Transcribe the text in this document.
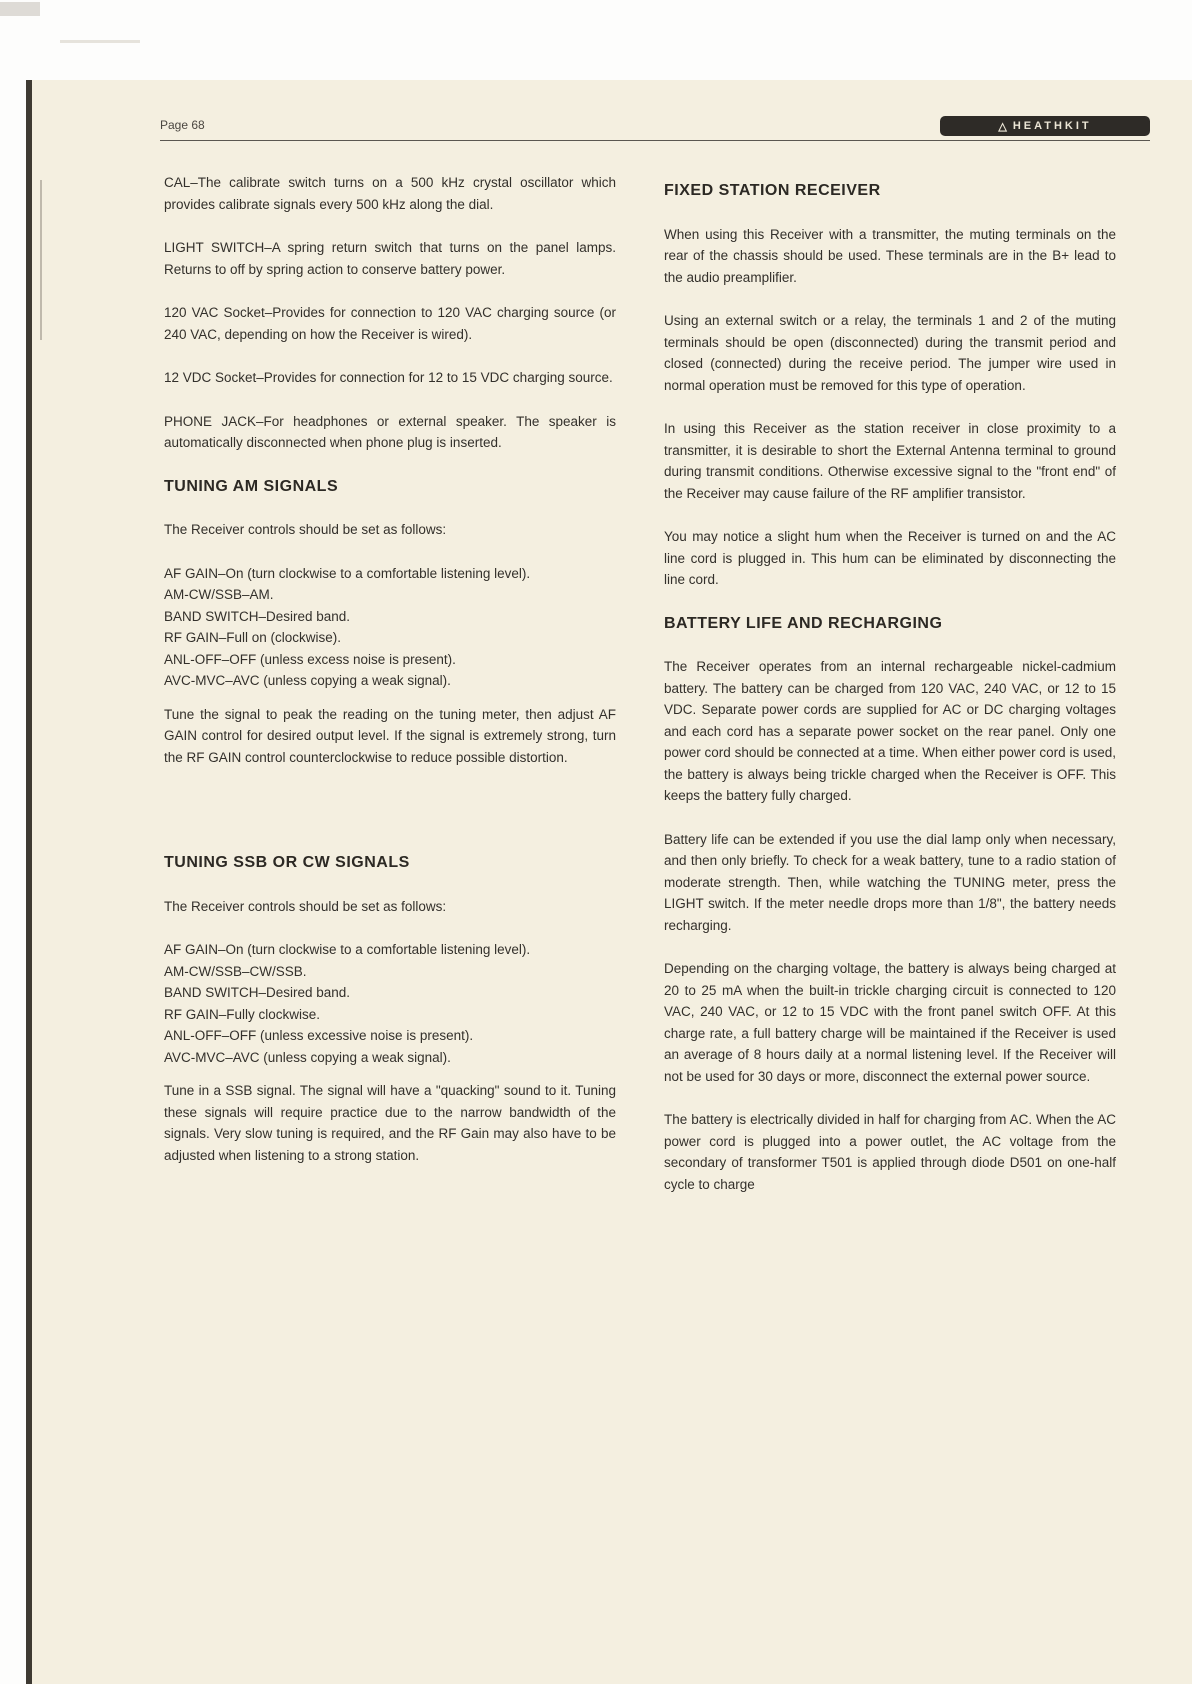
Page 68	△ HEATHKIT

CAL–The calibrate switch turns on a 500 kHz crystal oscillator which provides calibrate signals every 500 kHz along the dial.

LIGHT SWITCH–A spring return switch that turns on the panel lamps. Returns to off by spring action to conserve battery power.

120 VAC Socket–Provides for connection to 120 VAC charging source (or 240 VAC, depending on how the Receiver is wired).

12 VDC Socket–Provides for connection for 12 to 15 VDC charging source.

PHONE JACK–For headphones or external speaker. The speaker is automatically disconnected when phone plug is inserted.

TUNING AM SIGNALS

The Receiver controls should be set as follows:

AF GAIN–On (turn clockwise to a comfortable listening level).
AM-CW/SSB–AM.
BAND SWITCH–Desired band.
RF GAIN–Full on (clockwise).
ANL-OFF–OFF (unless excess noise is present).
AVC-MVC–AVC (unless copying a weak signal).

Tune the signal to peak the reading on the tuning meter, then adjust AF GAIN control for desired output level. If the signal is extremely strong, turn the RF GAIN control counterclockwise to reduce possible distortion.

TUNING SSB OR CW SIGNALS

The Receiver controls should be set as follows:

AF GAIN–On (turn clockwise to a comfortable listening level).
AM-CW/SSB–CW/SSB.
BAND SWITCH–Desired band.
RF GAIN–Fully clockwise.
ANL-OFF–OFF (unless excessive noise is present).
AVC-MVC–AVC (unless copying a weak signal).

Tune in a SSB signal. The signal will have a "quacking" sound to it. Tuning these signals will require practice due to the narrow bandwidth of the signals. Very slow tuning is required, and the RF Gain may also have to be adjusted when listening to a strong station.

FIXED STATION RECEIVER

When using this Receiver with a transmitter, the muting terminals on the rear of the chassis should be used. These terminals are in the B+ lead to the audio preamplifier.

Using an external switch or a relay, the terminals 1 and 2 of the muting terminals should be open (disconnected) during the transmit period and closed (connected) during the receive period. The jumper wire used in normal operation must be removed for this type of operation.

In using this Receiver as the station receiver in close proximity to a transmitter, it is desirable to short the External Antenna terminal to ground during transmit conditions. Otherwise excessive signal to the "front end" of the Receiver may cause failure of the RF amplifier transistor.

You may notice a slight hum when the Receiver is turned on and the AC line cord is plugged in. This hum can be eliminated by disconnecting the line cord.

BATTERY LIFE AND RECHARGING

The Receiver operates from an internal rechargeable nickel-cadmium battery. The battery can be charged from 120 VAC, 240 VAC, or 12 to 15 VDC. Separate power cords are supplied for AC or DC charging voltages and each cord has a separate power socket on the rear panel. Only one power cord should be connected at a time. When either power cord is used, the battery is always being trickle charged when the Receiver is OFF. This keeps the battery fully charged.

Battery life can be extended if you use the dial lamp only when necessary, and then only briefly. To check for a weak battery, tune to a radio station of moderate strength. Then, while watching the TUNING meter, press the LIGHT switch. If the meter needle drops more than 1/8", the battery needs recharging.

Depending on the charging voltage, the battery is always being charged at 20 to 25 mA when the built-in trickle charging circuit is connected to 120 VAC, 240 VAC, or 12 to 15 VDC with the front panel switch OFF. At this charge rate, a full battery charge will be maintained if the Receiver is used an average of 8 hours daily at a normal listening level. If the Receiver will not be used for 30 days or more, disconnect the external power source.

The battery is electrically divided in half for charging from AC. When the AC power cord is plugged into a power outlet, the AC voltage from the secondary of transformer T501 is applied through diode D501 on one-half cycle to charge
